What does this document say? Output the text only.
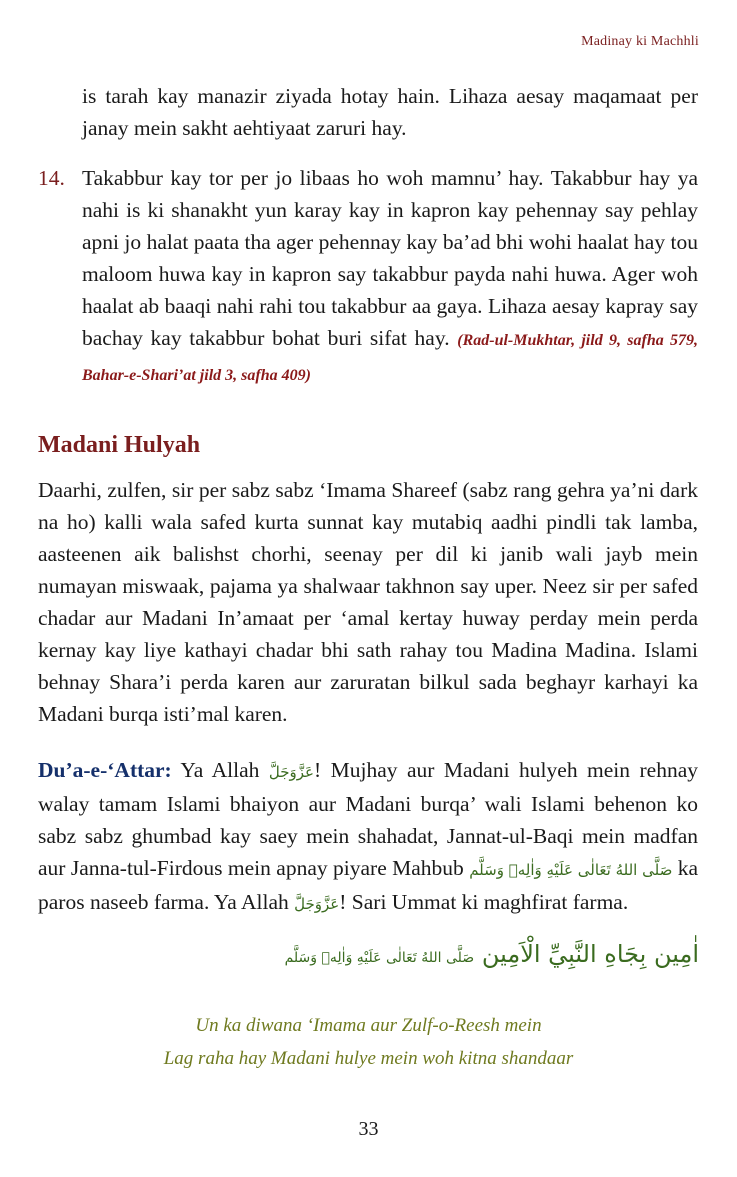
Madinay ki Machhli

is tarah kay manazir ziyada hotay hain. Lihaza aesay maqamaat per janay mein sakht aehtiyaat zaruri hay.

14. Takabbur kay tor per jo libaas ho woh mamnu’ hay. Takabbur hay ya nahi is ki shanakht yun karay kay in kapron kay pehennay say pehlay apni jo halat paata tha ager pehennay kay ba’ad bhi wohi haalat hay tou maloom huwa kay in kapron say takabbur payda nahi huwa. Ager woh haalat ab baaqi nahi rahi tou takabbur aa gaya. Lihaza aesay kapray say bachay kay takabbur bohat buri sifat hay. (Rad-ul-Mukhtar, jild 9, safha 579, Bahar-e-Shari’at jild 3, safha 409)

Madani Hulyah

Daarhi, zulfen, sir per sabz sabz ‘Imama Shareef (sabz rang gehra ya’ni dark na ho) kalli wala safed kurta sunnat kay mutabiq aadhi pindli tak lamba, aasteenen aik balishst chorhi, seenay per dil ki janib wali jayb mein numayan miswaak, pajama ya shalwaar takhnon say uper. Neez sir per safed chadar aur Madani In’amaat per ‘amal kertay huway perday mein perda kernay kay liye kathayi chadar bhi sath rahay tou Madina Madina. Islami behnay Shara’i perda karen aur zaruratan bilkul sada beghayr karhayi ka Madani burqa isti’mal karen.

Du’a-e-‘Attar: Ya Allah عَزَّوَجَلَّ! Mujhay aur Madani hulyeh mein rehnay walay tamam Islami bhaiyon aur Madani burqa’ wali Islami behenon ko sabz sabz ghumbad kay saey mein shahadat, Jannat-ul-Baqi mein madfan aur Janna-tul-Firdous mein apnay piyare Mahbub صَلَّى اللهُ تَعَالٰى عَلَيْهِ وَاٰلِهٖ وَسَلَّم ka paros naseeb farma. Ya Allah عَزَّوَجَلَّ! Sari Ummat ki maghfirat farma.

اٰمِين بِجَاهِ النَّبِيِّ الْاَمِين صَلَّى اللهُ تَعَالٰى عَلَيْهِ وَاٰلِهٖ وَسَلَّم

Un ka diwana ‘Imama aur Zulf-o-Reesh mein

Lag raha hay Madani hulye mein woh kitna shandaar

33
